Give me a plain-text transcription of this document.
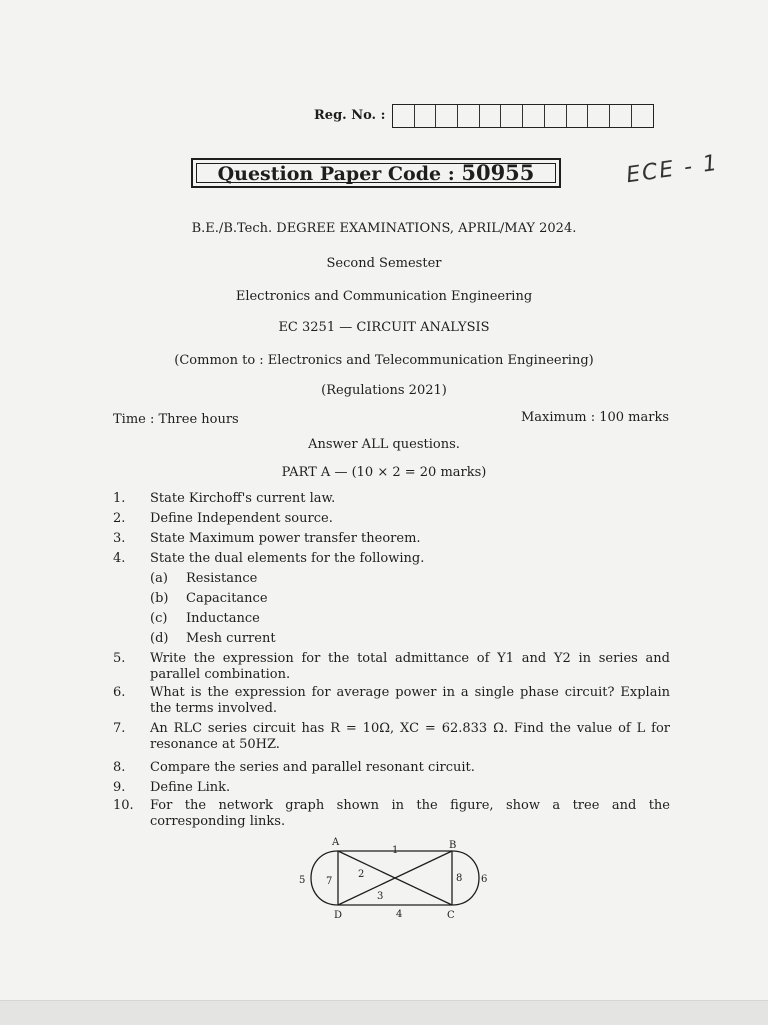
Reg. No. :
Question Paper Code : 50955	ECE - 1
B.E./B.Tech. DEGREE EXAMINATIONS, APRIL/MAY 2024.
Second Semester
Electronics and Communication Engineering
EC 3251 — CIRCUIT ANALYSIS
(Common to : Electronics and Telecommunication Engineering)
(Regulations 2021)
Time : Three hours	Maximum : 100 marks
Answer ALL questions.
PART A — (10 × 2 = 20 marks)
1.	State Kirchoff's current law.
2.	Define Independent source.
3.	State Maximum power transfer theorem.
4.	State the dual elements for the following.
(a) Resistance
(b) Capacitance
(c) Inductance
(d) Mesh current
5.	Write the expression for the total admittance of Y1 and Y2 in series and parallel combination.
6.	What is the expression for average power in a single phase circuit? Explain the terms involved.
7.	An RLC series circuit has R = 10Ω, XC = 62.833 Ω. Find the value of L for resonance at 50HZ.
8.	Compare the series and parallel resonant circuit.
9.	Define Link.
10.	For the network graph shown in the figure, show a tree and the corresponding links.
A	B
C
D
1
2
3
4
5	6
7	8
